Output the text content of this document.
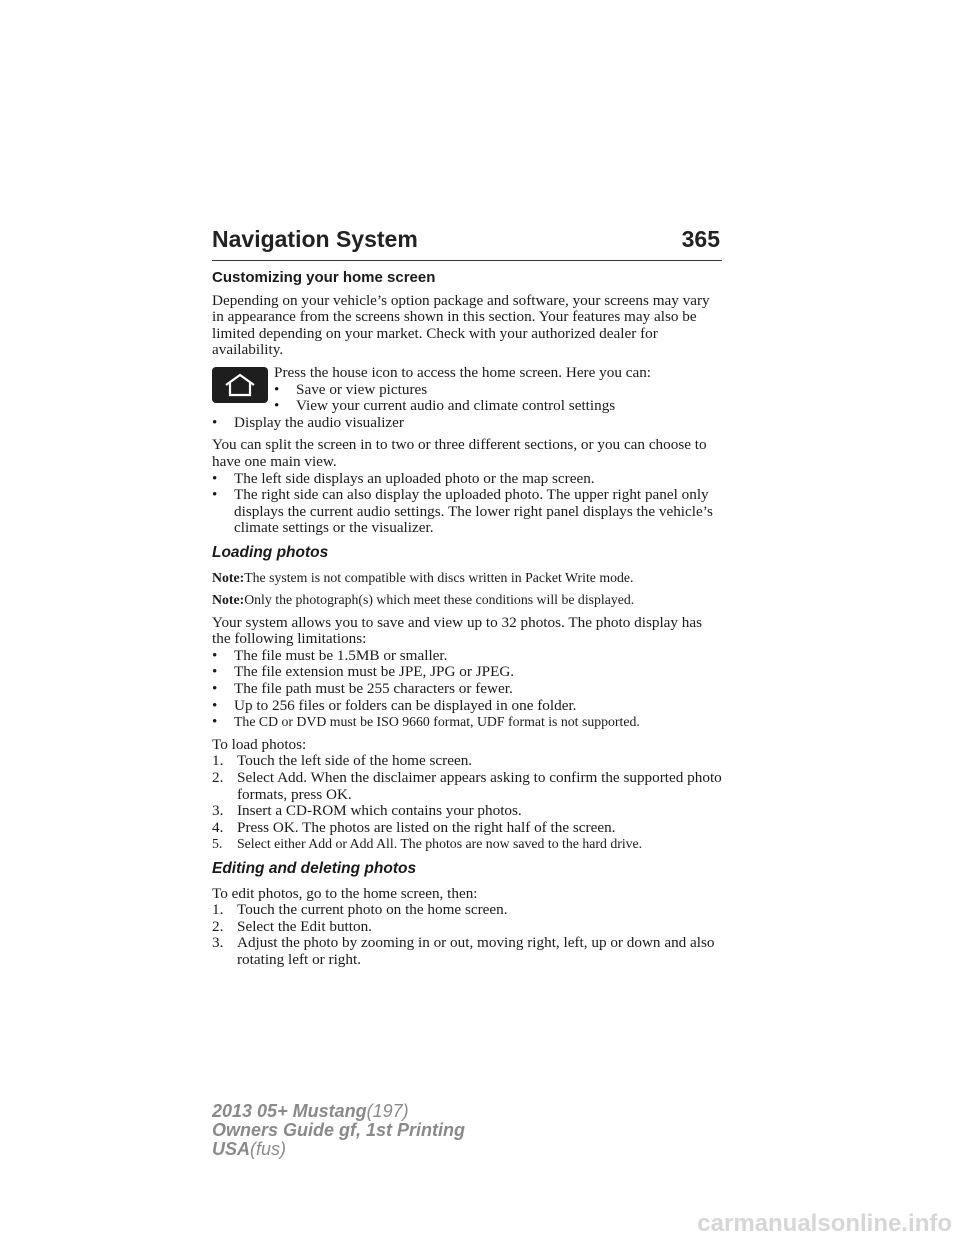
Navigation System	365
Customizing your home screen

Depending on your vehicle’s option package and software, your screens may vary in appearance from the screens shown in this section. Your features may also be limited depending on your market. Check with your authorized dealer for availability.

Press the house icon to access the home screen. Here you can:
•	Save or view pictures
•	View your current audio and climate control settings
•	Display the audio visualizer

You can split the screen in to two or three different sections, or you can choose to have one main view.

•	The left side displays an uploaded photo or the map screen.
•	The right side can also display the uploaded photo. The upper right panel only displays the current audio settings. The lower right panel displays the vehicle’s climate settings or the visualizer.
Loading photos

Note:The system is not compatible with discs written in Packet Write mode.

Note:Only the photograph(s) which meet these conditions will be displayed.

Your system allows you to save and view up to 32 photos. The photo display has the following limitations:

•	The file must be 1.5MB or smaller.
•	The file extension must be JPE, JPG or JPEG.
•	The file path must be 255 characters or fewer.
•	Up to 256 files or folders can be displayed in one folder.
•	The CD or DVD must be ISO 9660 format, UDF format is not supported.
To load photos:
1. Touch the left side of the home screen.
2. Select Add. When the disclaimer appears asking to confirm the supported photo formats, press OK.
3. Insert a CD-ROM which contains your photos.
4. Press OK. The photos are listed on the right half of the screen.
5.	Select either Add or Add All. The photos are now saved to the hard drive.
Editing and deleting photos
To edit photos, go to the home screen, then:
1. Touch the current photo on the home screen.
2. Select the Edit button.
3. Adjust the photo by zooming in or out, moving right, left, up or down and also rotating left or right.
2013 05+ Mustang(197)
Owners Guide gf, 1st Printing
USA(fus)
carmanualsonline.info
